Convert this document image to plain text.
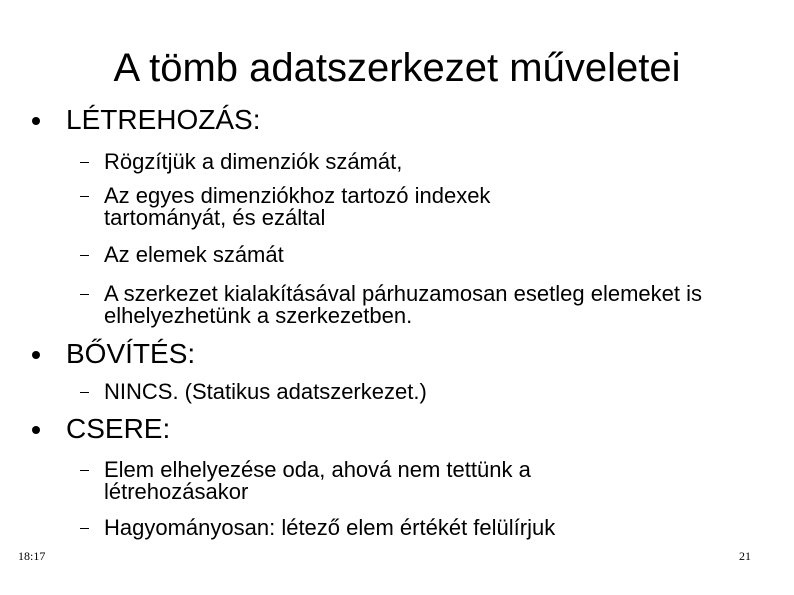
A tömb adatszerkezet műveletei
LÉTREHOZÁS:
Rögzítjük a dimenziók számát,
Az egyes dimenziókhoz tartozó indexek tartományát, és ezáltal
Az elemek számát
A szerkezet kialakításával párhuzamosan esetleg elemeket is elhelyezhetünk a szerkezetben.
BŐVÍTÉS:
NINCS. (Statikus adatszerkezet.)
CSERE:
Elem elhelyezése oda, ahová nem tettünk a létrehozásakor
Hagyományosan: létező elem értékét felülírjuk
18:17	21
